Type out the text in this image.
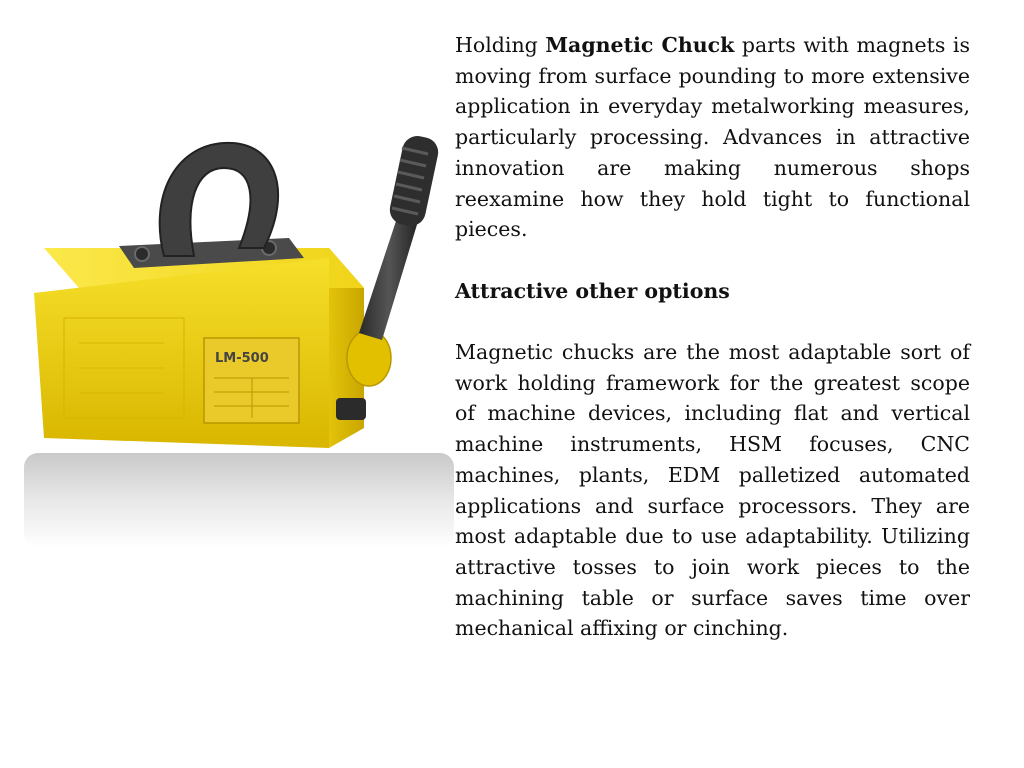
LM-500

Holding Magnetic Chuck parts with magnets is moving from surface pounding to more extensive application in everyday metalworking measures, particularly processing. Advances in attractive innovation are making numerous shops reexamine how they hold tight to functional pieces.

Attractive other options

Magnetic chucks are the most adaptable sort of work holding framework for the greatest scope of machine devices, including flat and vertical machine instruments, HSM focuses, CNC machines, plants, EDM palletized automated applications and surface processors. They are most adaptable due to use adaptability. Utilizing attractive tosses to join work pieces to the machining table or surface saves time over mechanical affixing or cinching.
